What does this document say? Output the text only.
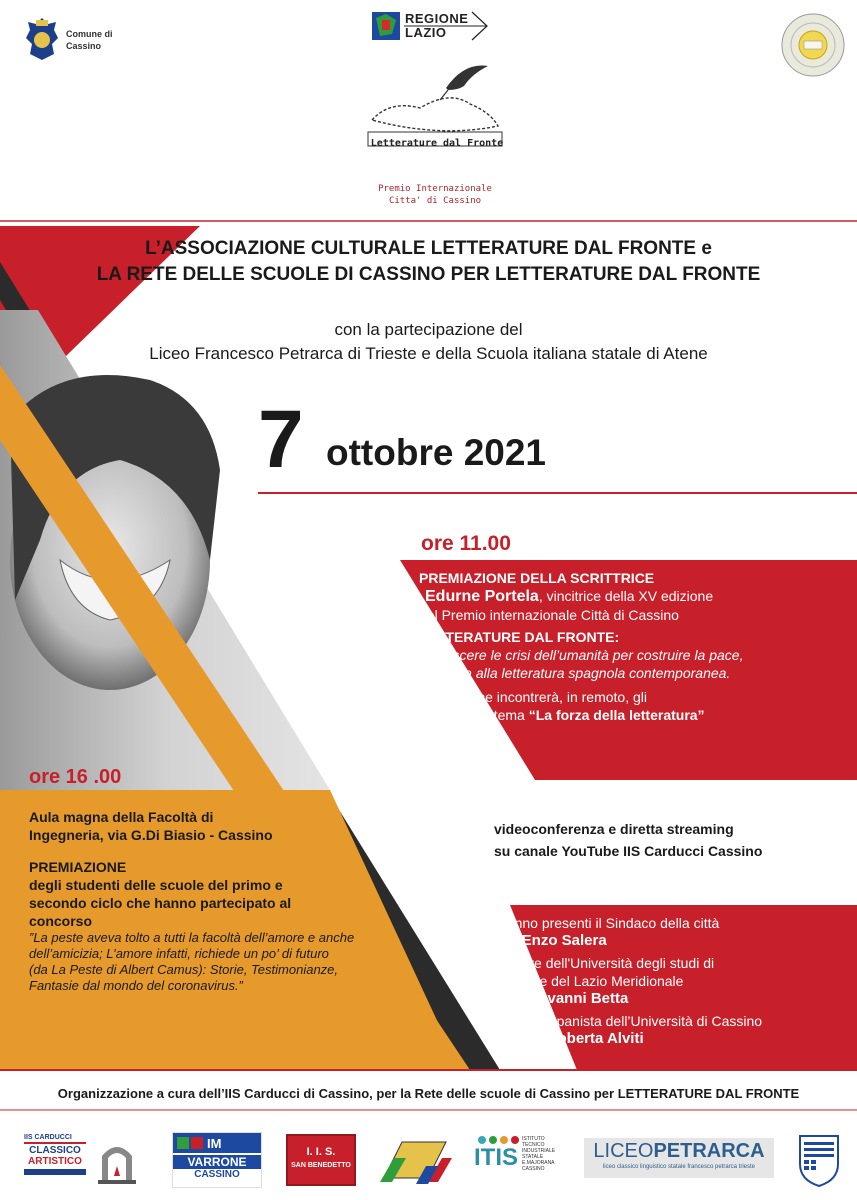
Comune di
Cassino
REGIONE
LAZIO
Letterature dal Fronte
Premio Internazionale
Citta' di Cassino
L’ASSOCIAZIONE CULTURALE LETTERATURE DAL FRONTE e
LA RETE DELLE SCUOLE DI CASSINO PER LETTERATURE DAL FRONTE
con la partecipazione del
Liceo Francesco Petrarca di Trieste e della Scuola italiana statale di Atene
7 ottobre 2021
ore 11.00
PREMIAZIONE DELLA SCRITTRICE
Edurne Portela, vincitrice della XV edizione
del Premio internazionale Città di Cassino
LETTERATURE DAL FRONTE:
Conoscere le crisi dell’umanità per costruire la pace,
dedicata alla letteratura spagnola contemporanea.
La vincitrice incontrerà, in remoto, gli
studenti sul tema “La forza della letteratura”
ore 16 .00
Aula magna della Facoltà di
Ingegneria, via G.Di Biasio - Cassino
PREMIAZIONE
degli studenti delle scuole del primo e
secondo ciclo che hanno partecipato al
concorso
”La peste aveva tolto a tutti la facoltà dell’amore e anche
dell’amicizia; L’amore infatti, richiede un po’ di futuro
(da La Peste di Albert Camus): Storie, Testimonianze,
Fantasie dal mondo del coronavirus.”
videoconferenza e diretta streaming
su canale YouTube IIS Carducci Cassino
Saranno presenti il Sindaco della città
dott. Enzo Salera
Il Rettore dell'Università degli studi di
Cassino e del Lazio Meridionale
prof. Giovanni Betta
L’esperta Ispanista dell’Università di Cassino
dott.ssa Roberta Alviti
Organizzazione a cura dell’IIS Carducci di Cassino, per la Rete delle scuole di Cassino per LETTERATURE DAL FRONTE
IIS CARDUCCI
CLASSICO
ARTISTICO
IM
VARRONE
CASSINO
I. I. S.
SAN BENEDETTO	ITIS
ISTITUTO
TECNICO
INDUSTRIALE
STATALE
E.MAJORANA
CASSINO
LICEOPETRARCA
liceo classico linguistico statale francesco petrarca trieste
